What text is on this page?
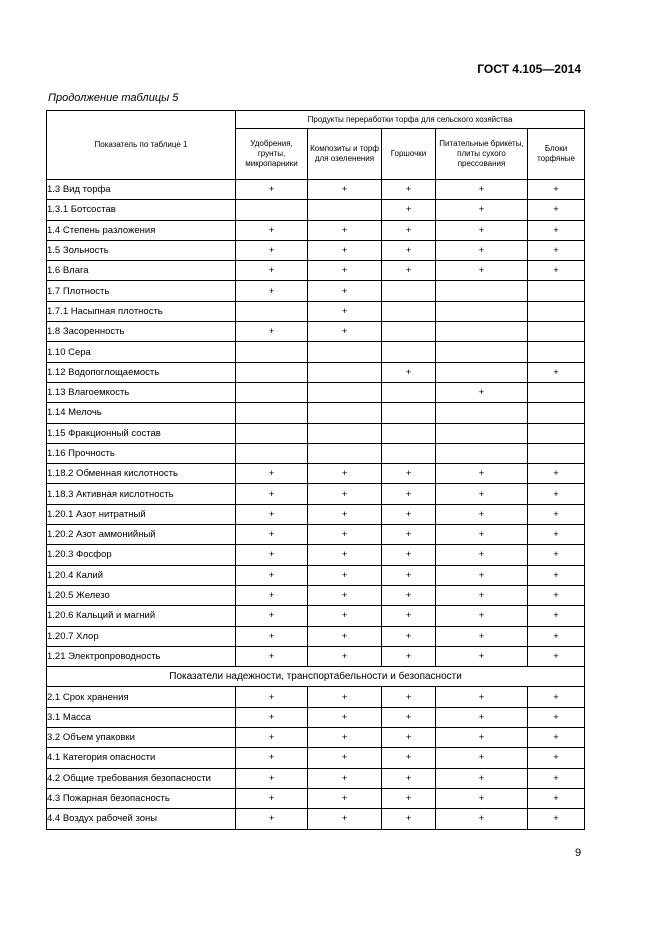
ГОСТ 4.105—2014
Продолжение таблицы 5
Показатель по таблице 1	Продукты переработки торфа для сельского хозяйства				
	Удобрения, грунты, микропарники	Композиты и торф для озеленения	Горшочки	Питательные брикеты, плиты сухого прессования	Блоки торфяные
1.3 Вид торфа	+	+	+	+	+
1.3.1 Ботсостав			+	+	+
1.4 Степень разложения	+	+	+	+	+
1.5 Зольность	+	+	+	+	+
1.6 Влага	+	+	+	+	+
1.7 Плотность	+	+			
1.7.1 Насыпная плотность		+			
1.8 Засоренность	+	+			
1.10 Сера					
1.12 Водопоглощаемость			+		+
1.13 Влагоемкость				+	
1.14 Мелочь					
1.15 Фракционный состав					
1.16 Прочность					
1.18.2 Обменная кислотность	+	+	+	+	+
1.18.3 Активная кислотность	+	+	+	+	+
1.20.1 Азот нитратный	+	+	+	+	+
1.20.2 Азот аммонийный	+	+	+	+	+
1.20.3 Фосфор	+	+	+	+	+
1.20.4 Калий	+	+	+	+	+
1.20.5 Железо	+	+	+	+	+
1.20.6 Кальций и магний	+	+	+	+	+
1.20.7 Хлор	+	+	+	+	+
1.21 Электропроводность	+	+	+	+	+
Показатели надежности, транспортабельности и безопасности					
2.1 Срок хранения	+	+	+	+	+
3.1 Масса	+	+	+	+	+
3.2 Объем упаковки	+	+	+	+	+
4.1 Категория опасности	+	+	+	+	+
4.2 Общие требования безопасности	+	+	+	+	+
4.3 Пожарная безопасность	+	+	+	+	+
4.4 Воздух рабочей зоны	+	+	+	+	+
9
